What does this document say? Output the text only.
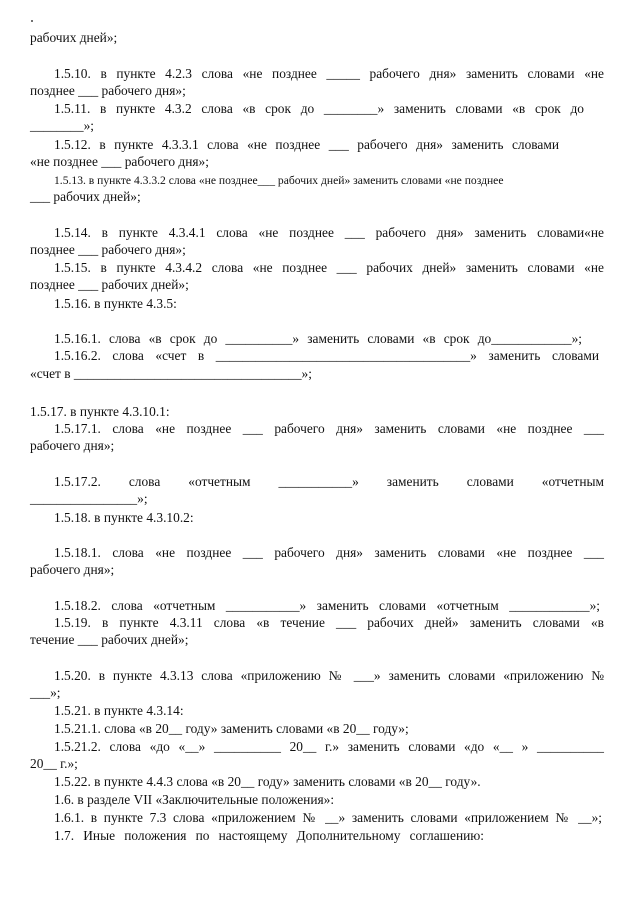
рабочих дней»;
1.5.10. в пункте 4.2.3 слова «не позднее _____ рабочего дня» заменить словами «не
позднее ___ рабочего дня»;
1.5.11. в пункте 4.3.2 слова «в срок до ________» заменить словами «в срок до
________»;
1.5.12. в пункте 4.3.3.1 слова «не позднее ___ рабочего дня» заменить словами
«не позднее ___ рабочего дня»;
1.5.13. в пункте 4.3.3.2 слова «не позднее___ рабочих дней» заменить словами «не позднее
___ рабочих дней»;
1.5.14. в пункте 4.3.4.1 слова «не позднее ___ рабочего дня» заменить словами«не
позднее ___ рабочего дня»;
1.5.15. в пункте 4.3.4.2 слова «не позднее ___ рабочих дней» заменить словами «не
позднее ___ рабочих дней»;
1.5.16. в пункте 4.3.5:
1.5.16.1. слова «в срок до __________» заменить словами «в срок до____________»;
1.5.16.2. слова «счет в ______________________________________» заменить словами
«счет в __________________________________»;
1.5.17. в пункте 4.3.10.1:
1.5.17.1. слова «не позднее ___ рабочего дня» заменить словами «не позднее ___
рабочего дня»;
1.5.17.2. слова «отчетным ___________» заменить словами «отчетным
________________»;
1.5.18. в пункте 4.3.10.2:
1.5.18.1. слова «не позднее ___ рабочего дня» заменить словами «не позднее ___
рабочего дня»;
1.5.18.2. слова «отчетным ___________» заменить словами «отчетным ____________»;
1.5.19. в пункте 4.3.11 слова «в течение ___ рабочих дней» заменить словами «в
течение ___ рабочих дней»;
1.5.20. в пункте 4.3.13 слова «приложению № ___» заменить словами «приложению №
___»;
1.5.21. в пункте 4.3.14:
1.5.21.1. слова «в 20__ году» заменить словами «в 20__ году»;
1.5.21.2. слова «до «__» __________ 20__ г.» заменить словами «до «__ » __________
20__ г.»;
1.5.22. в пункте 4.4.3 слова «в 20__ году» заменить словами «в 20__ году».
1.6. в разделе VII «Заключительные положения»:
1.6.1. в пункте 7.3 слова «приложением № __» заменить словами «приложением № __»;
1.7. Иные положения по настоящему Дополнительному соглашению:
